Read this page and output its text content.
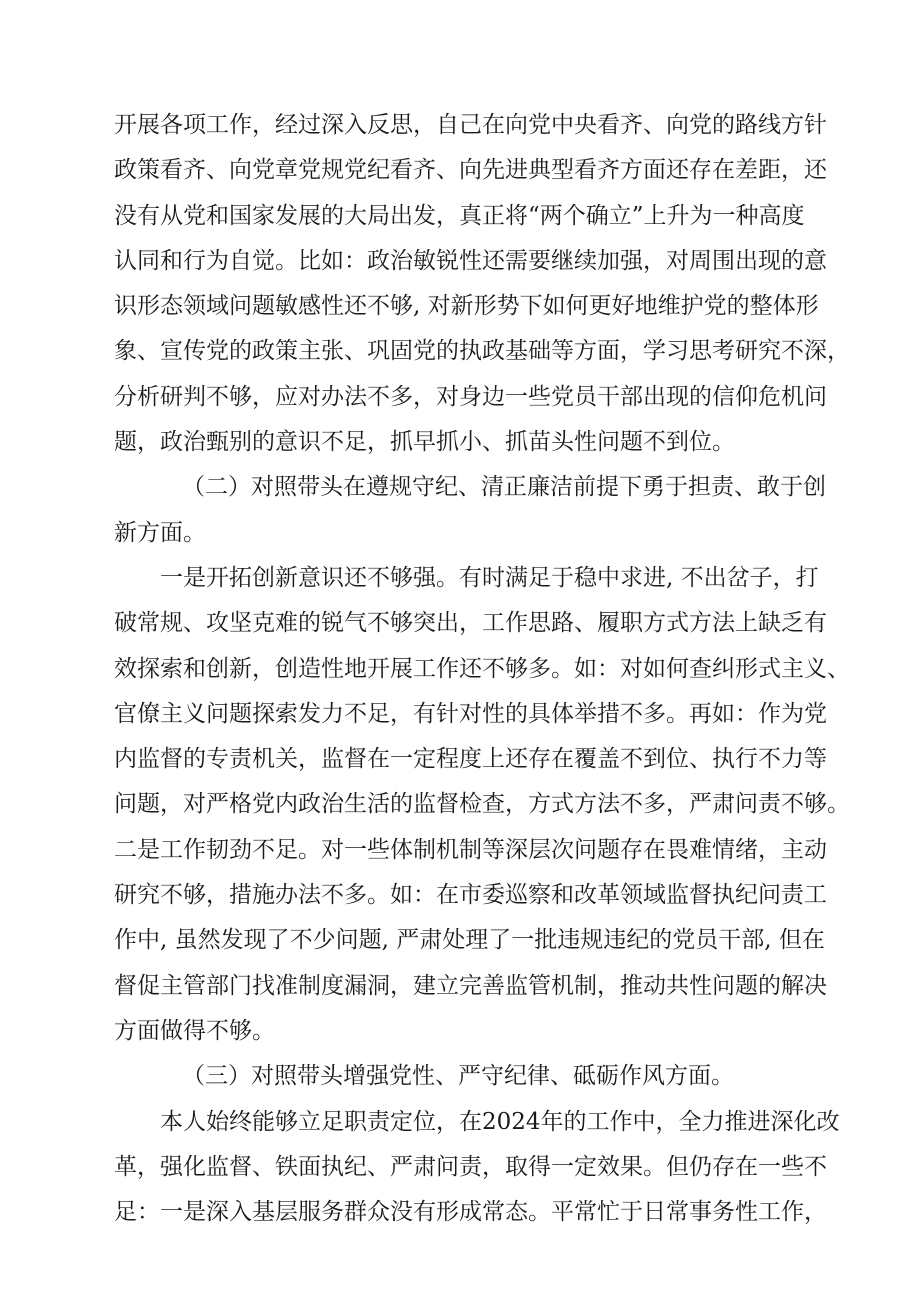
开展各项工作，经过深入反思，自己在向党中央看齐、向党的路线方针
政策看齐、向党章党规党纪看齐、向先进典型看齐方面还存在差距，还
没有从党和国家发展的大局出发，真正将“两个确立”上升为一种高度
认同和行为自觉。比如：政治敏锐性还需要继续加强，对周围出现的意
识形态领域问题敏感性还不够, 对新形势下如何更好地维护党的整体形
象、宣传党的政策主张、巩固党的执政基础等方面，学习思考研究不深，
分析研判不够，应对办法不多，对身边一些党员干部出现的信仰危机问
题，政治甄别的意识不足，抓早抓小、抓苗头性问题不到位。
（二）对照带头在遵规守纪、清正廉洁前提下勇于担责、敢于创
新方面。
一是开拓创新意识还不够强。有时满足于稳中求进, 不出岔子，打
破常规、攻坚克难的锐气不够突出，工作思路、履职方式方法上缺乏有
效探索和创新，创造性地开展工作还不够多。如：对如何查纠形式主义、
官僚主义问题探索发力不足，有针对性的具体举措不多。再如：作为党
内监督的专责机关，监督在一定程度上还存在覆盖不到位、执行不力等
问题，对严格党内政治生活的监督检查，方式方法不多，严肃问责不够。
二是工作韧劲不足。对一些体制机制等深层次问题存在畏难情绪，主动
研究不够，措施办法不多。如：在市委巡察和改革领域监督执纪问责工
作中, 虽然发现了不少问题, 严肃处理了一批违规违纪的党员干部, 但在
督促主管部门找准制度漏洞，建立完善监管机制，推动共性问题的解决
方面做得不够。
（三）对照带头增强党性、严守纪律、砥砺作风方面。
本人始终能够立足职责定位，在2024年的工作中，全力推进深化改
革，强化监督、铁面执纪、严肃问责，取得一定效果。但仍存在一些不
足：一是深入基层服务群众没有形成常态。平常忙于日常事务性工作，
